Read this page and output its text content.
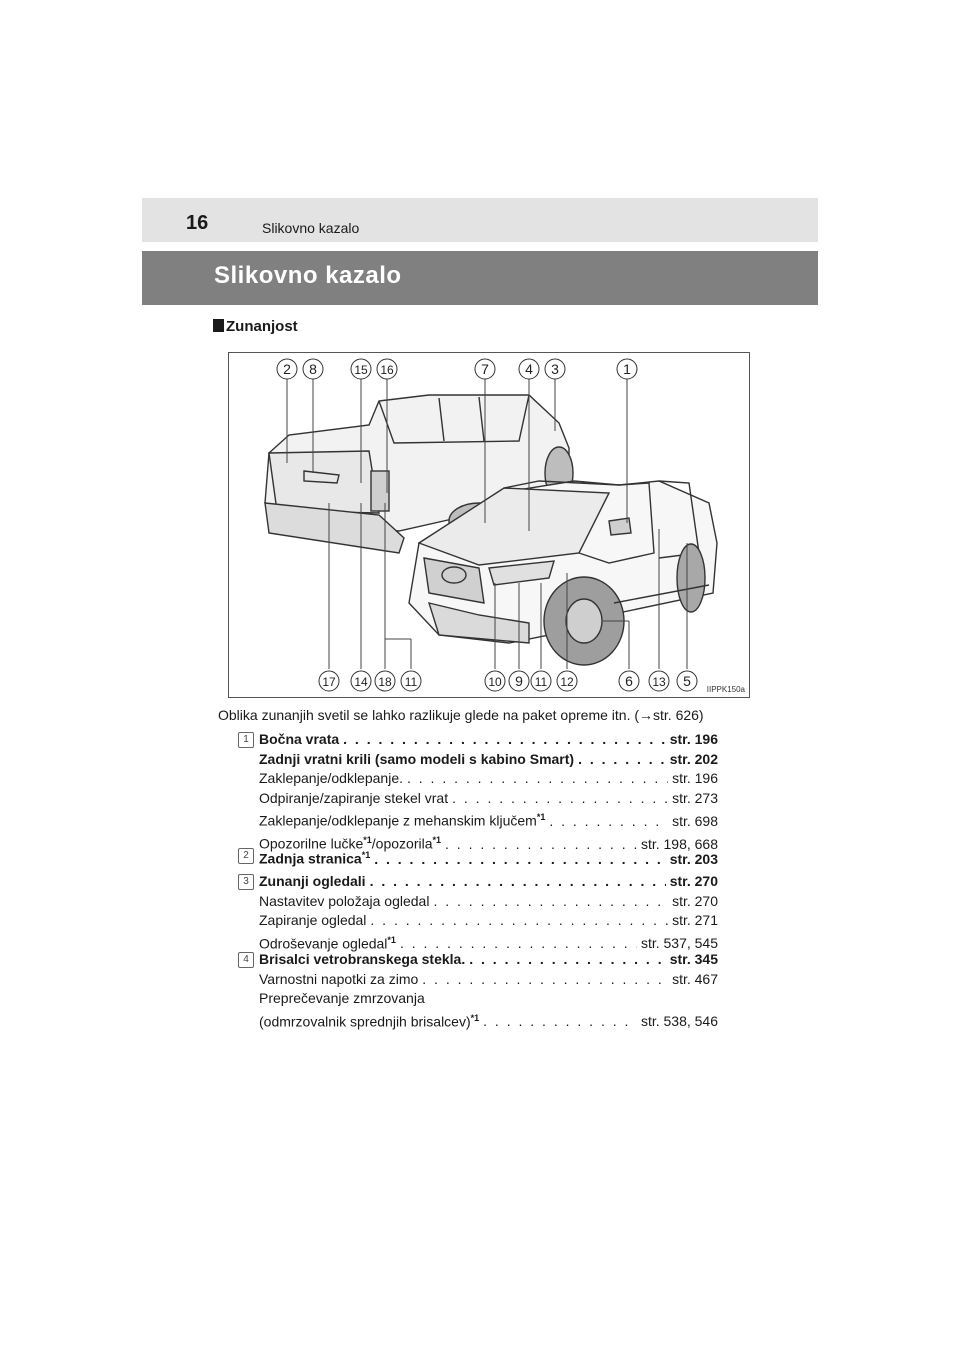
16	Slikovno kazalo
Slikovno kazalo
Zunanjost
2 8	15 16	7	4 3	1
17 14 18 11	10 9 11 12	6 13 5
IIPPK150a
Oblika zunanjih svetil se lahko razlikuje glede na paket opreme itn. (→str. 626)
1 Bočna vrata . . .	str. 196
Zadnji vratni krili (samo modeli s kabino Smart) . . .	str. 202
Zaklepanje/odklepanje. . . .	str. 196
Odpiranje/zapiranje stekel vrat . . .	str. 273
Zaklepanje/odklepanje z mehanskim ključem$^{*1}$ . . .	str. 698
Opozorilne lučke$^{*1}$/opozorila$^{*1}$ . . .	str. 198, 668
2 Zadnja stranica$^{*1}$ . . .	str. 203
3 Zunanji ogledali . . .	str. 270
Nastavitev položaja ogledal . . .	str. 270
Zapiranje ogledal . . .	str. 271
Odroševanje ogledal$^{*1}$ . . .	str. 537, 545
4 Brisalci vetrobranskega stekla. . . .	str. 345
Varnostni napotki za zimo . . .	str. 467
Preprečevanje zmrzovanja
(odmrzovalnik sprednjih brisalcev)$^{*1}$ . . .	str. 538, 546
